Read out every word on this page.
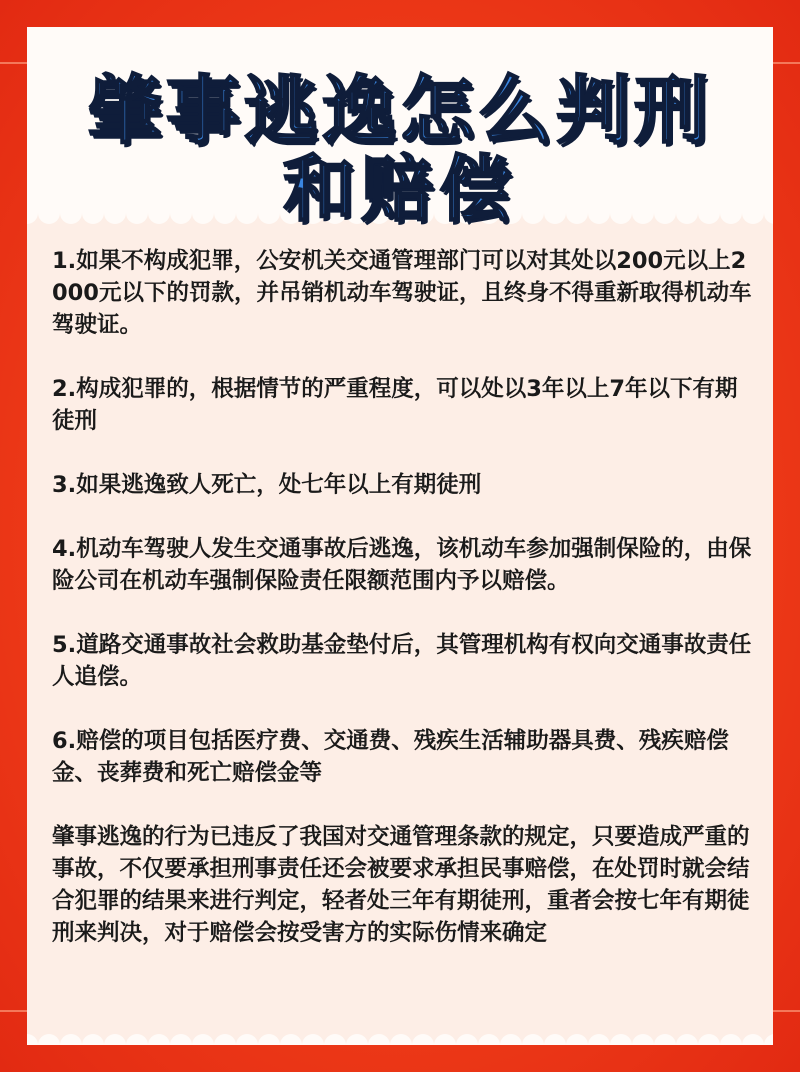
肇事逃逸怎么判刑
和赔偿

1.如果不构成犯罪，公安机关交通管理部门可以对其处以200元以上2000元以下的罚款，并吊销机动车驾驶证，且终身不得重新取得机动车驾驶证。

2.构成犯罪的，根据情节的严重程度，可以处以3年以上7年以下有期徒刑

3.如果逃逸致人死亡，处七年以上有期徒刑

4.机动车驾驶人发生交通事故后逃逸，该机动车参加强制保险的，由保险公司在机动车强制保险责任限额范围内予以赔偿。

5.道路交通事故社会救助基金垫付后，其管理机构有权向交通事故责任人追偿。

6.赔偿的项目包括医疗费、交通费、残疾生活辅助器具费、残疾赔偿金、丧葬费和死亡赔偿金等

肇事逃逸的行为已违反了我国对交通管理条款的规定，只要造成严重的事故，不仅要承担刑事责任还会被要求承担民事赔偿，在处罚时就会结合犯罪的结果来进行判定，轻者处三年有期徒刑，重者会按七年有期徒刑来判决，对于赔偿会按受害方的实际伤情来确定
